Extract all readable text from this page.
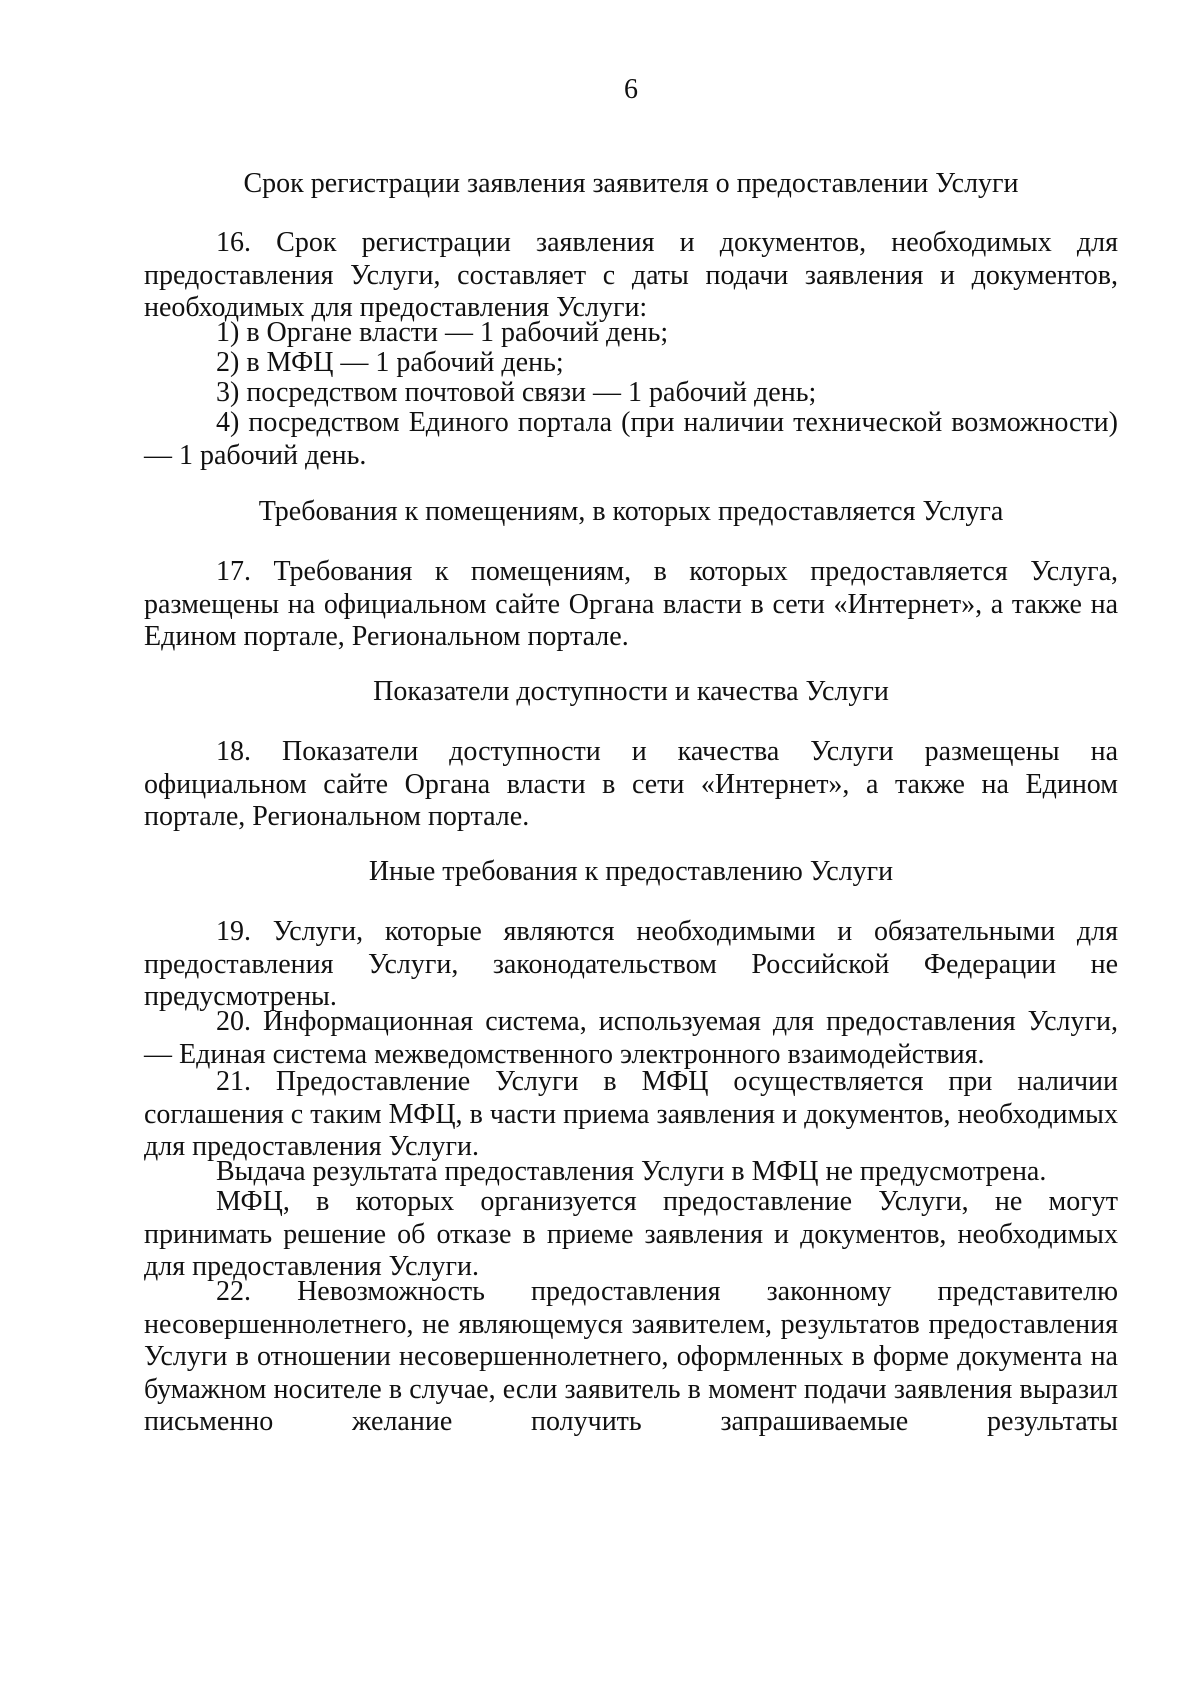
6
Срок регистрации заявления заявителя о предоставлении Услуги

16. Срок регистрации заявления и документов, необходимых для предоставления Услуги, составляет с даты подачи заявления и документов, необходимых для предоставления Услуги:

1) в Органе власти — 1 рабочий день;

2) в МФЦ — 1 рабочий день;

3) посредством почтовой связи — 1 рабочий день;

4) посредством Единого портала (при наличии технической возможности) — 1 рабочий день.

Требования к помещениям, в которых предоставляется Услуга

17. Требования к помещениям, в которых предоставляется Услуга, размещены на официальном сайте Органа власти в сети «Интернет», а также на Едином портале, Региональном портале.

Показатели доступности и качества Услуги

18. Показатели доступности и качества Услуги размещены на официальном сайте Органа власти в сети «Интернет», а также на Едином портале, Региональном портале.

Иные требования к предоставлению Услуги

19. Услуги, которые являются необходимыми и обязательными для предоставления Услуги, законодательством Российской Федерации не предусмотрены.

20. Информационная система, используемая для предоставления Услуги, — Единая система межведомственного электронного взаимодействия.

21. Предоставление Услуги в МФЦ осуществляется при наличии соглашения с таким МФЦ, в части приема заявления и документов, необходимых для предоставления Услуги.

Выдача результата предоставления Услуги в МФЦ не предусмотрена.

МФЦ, в которых организуется предоставление Услуги, не могут принимать решение об отказе в приеме заявления и документов, необходимых для предоставления Услуги.

22. Невозможность предоставления законному представителю несовершеннолетнего, не являющемуся заявителем, результатов предоставления Услуги в отношении несовершеннолетнего, оформленных в форме документа на бумажном носителе в случае, если заявитель в момент подачи заявления выразил письменно желание получить запрашиваемые результаты
